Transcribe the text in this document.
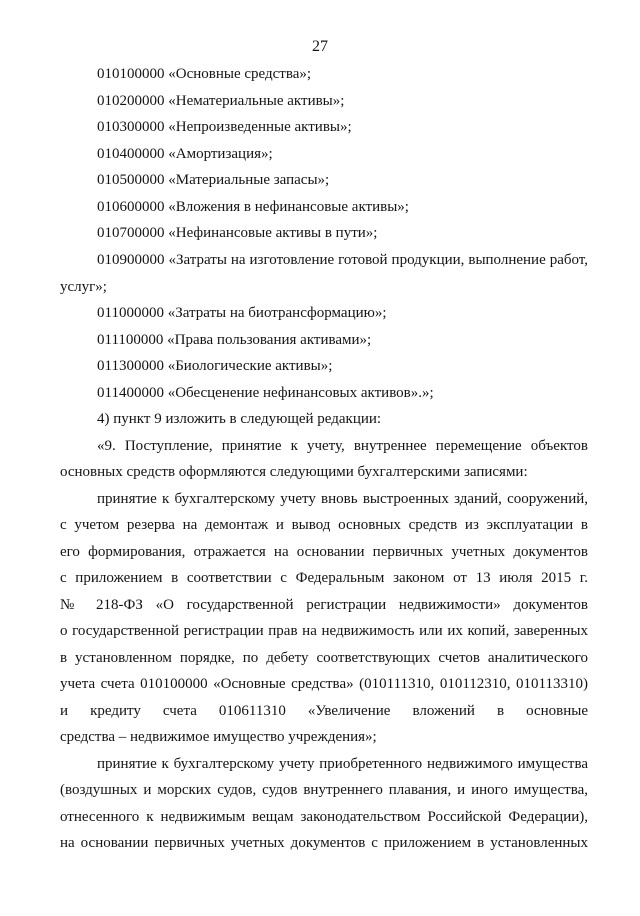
27
010100000 «Основные средства»;
010200000 «Нематериальные активы»;
010300000 «Непроизведенные активы»;
010400000 «Амортизация»;
010500000 «Материальные запасы»;
010600000 «Вложения в нефинансовые активы»;
010700000 «Нефинансовые активы в пути»;
010900000 «Затраты на изготовление готовой продукции, выполнение работ,
услуг»;
011000000 «Затраты на биотрансформацию»;
011100000 «Права пользования активами»;
011300000 «Биологические активы»;
011400000 «Обесценение нефинансовых активов».»;
4) пункт 9 изложить в следующей редакции:
«9. Поступление, принятие к учету, внутреннее перемещение объектов
основных средств оформляются следующими бухгалтерскими записями:
принятие к бухгалтерскому учету вновь выстроенных зданий, сооружений,
с учетом резерва на демонтаж и вывод основных средств из эксплуатации в
его формирования, отражается на основании первичных учетных документов
с приложением в соответствии с Федеральным законом от 13 июля 2015 г.
№ 218-ФЗ «О государственной регистрации недвижимости» документов
о государственной регистрации прав на недвижимость или их копий, заверенных
в установленном порядке, по дебету соответствующих счетов аналитического
учета счета 010100000 «Основные средства» (010111310, 010112310, 010113310)
и кредиту счета 010611310 «Увеличение вложений в основные
средства – недвижимое имущество учреждения»;
принятие к бухгалтерскому учету приобретенного недвижимого имущества
(воздушных и морских судов, судов внутреннего плавания, и иного имущества,
отнесенного к недвижимым вещам законодательством Российской Федерации),
на основании первичных учетных документов с приложением в установленных
